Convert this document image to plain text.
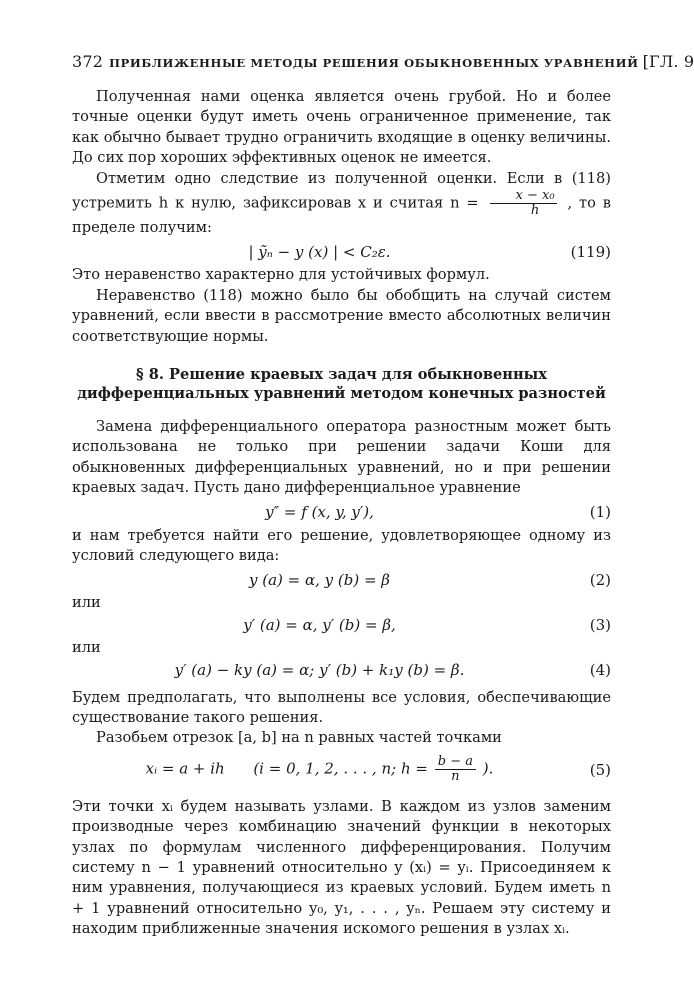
372 ПРИБЛИЖЕННЫЕ МЕТОДЫ РЕШЕНИЯ ОБЫКНОВЕННЫХ УРАВНЕНИЙ [ГЛ. 9

Полученная нами оценка является очень грубой. Но и более точные оценки будут иметь очень ограниченное применение, так как обычно бывает трудно ограничить входящие в оценку величины. До сих пор хороших эффективных оценок не имеется.

Отметим одно следствие из полученной оценки. Если в (118) устремить h к нулю, зафиксировав x и считая $n = \frac{\text{x − x₀}}{h}$ , то в пределе получим:

| ỹₙ − y (x) | < C₂ε.	(119)

Это неравенство характерно для устойчивых формул.

Неравенство (118) можно было бы обобщить на случай систем уравнений, если ввести в рассмотрение вместо абсолютных величин соответствующие нормы.

§ 8. Решение краевых задач для обыкновенных
дифференциальных уравнений методом конечных разностей

Замена дифференциального оператора разностным может быть использована не только при решении задачи Коши для обыкновенных дифференциальных уравнений, но и при решении краевых задач. Пусть дано дифференциальное уравнение

y″ = f (x, y, y′),	(1)

и нам требуется найти его решение, удовлетворяющее одному из условий следующего вида:

y (a) = α, y (b) = β	(2)
или
y′ (a) = α, y′ (b) = β,	(3)
или
y′ (a) − ky (a) = α; y′ (b) + k₁y (b) = β.	(4)

Будем предполагать, что выполнены все условия, обеспечивающие существование такого решения.

Разобьем отрезок [a, b] на n равных частей точками

xᵢ = a + ih (i = 0, 1, 2, . . . , n; $h = \frac{b - a}{n}$ ).	(5)

Эти точки xᵢ будем называть узлами. В каждом из узлов заменим производные через комбинацию значений функции в некоторых узлах по формулам численного дифференцирования. Получим систему n − 1 уравнений относительно y (xᵢ) = yᵢ. Присоединяем к ним уравнения, получающиеся из краевых условий. Будем иметь n + 1 уравнений относительно y₀, y₁, . . . , yₙ. Решаем эту систему и находим приближенные значения искомого решения в узлах xᵢ.
